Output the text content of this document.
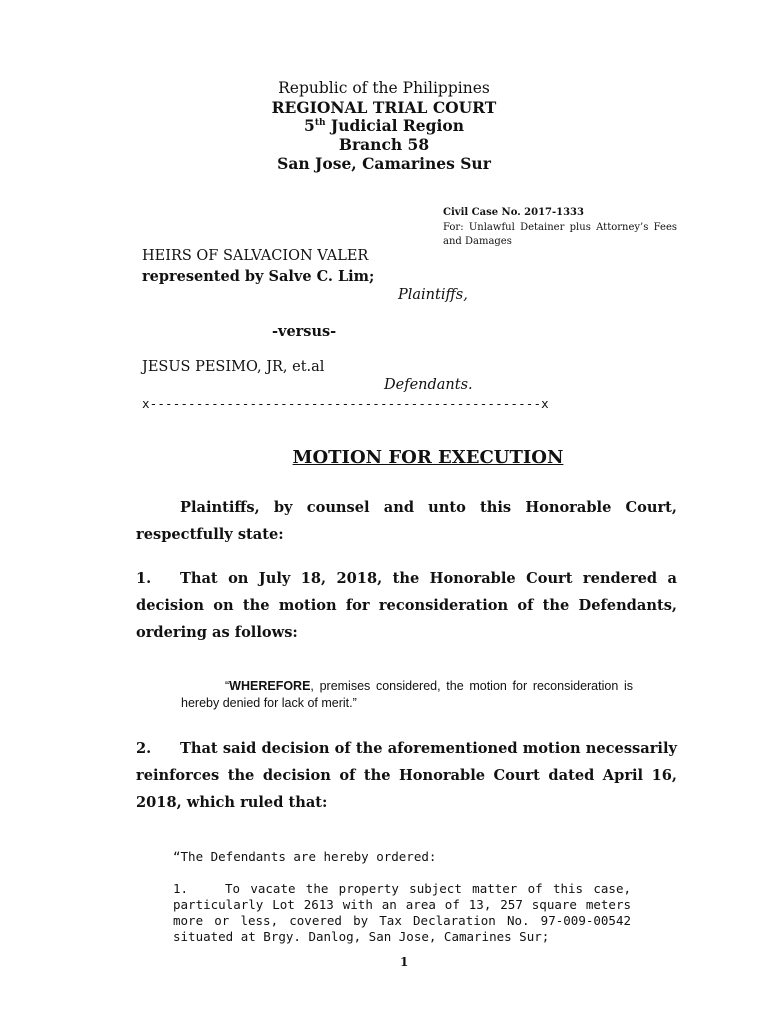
Republic of the Philippines
REGIONAL TRIAL COURT
5th Judicial Region
Branch 58
San Jose, Camarines Sur
Civil Case No. 2017-1333
For: Unlawful Detainer plus Attorney’s Fees and Damages
HEIRS OF SALVACION VALER
represented by Salve C. Lim;
Plaintiffs,
-versus-
JESUS PESIMO, JR, et.al
Defendants.
x---------------------------------------------------x
MOTION FOR EXECUTION
Plaintiffs, by counsel and unto this Honorable Court, respectfully state:
1. That on July 18, 2018, the Honorable Court rendered a decision on the motion for reconsideration of the Defendants, ordering as follows:
“WHEREFORE, premises considered, the motion for reconsideration is hereby denied for lack of merit.”
2. That said decision of the aforementioned motion necessarily reinforces the decision of the Honorable Court dated April 16, 2018, which ruled that:
“The Defendants are hereby ordered:
1.	To vacate the property subject matter of this case, particularly Lot 2613 with an area of 13, 257 square meters more or less, covered by Tax Declaration No. 97-009-00542 situated at Brgy. Danlog, San Jose, Camarines Sur;
1
